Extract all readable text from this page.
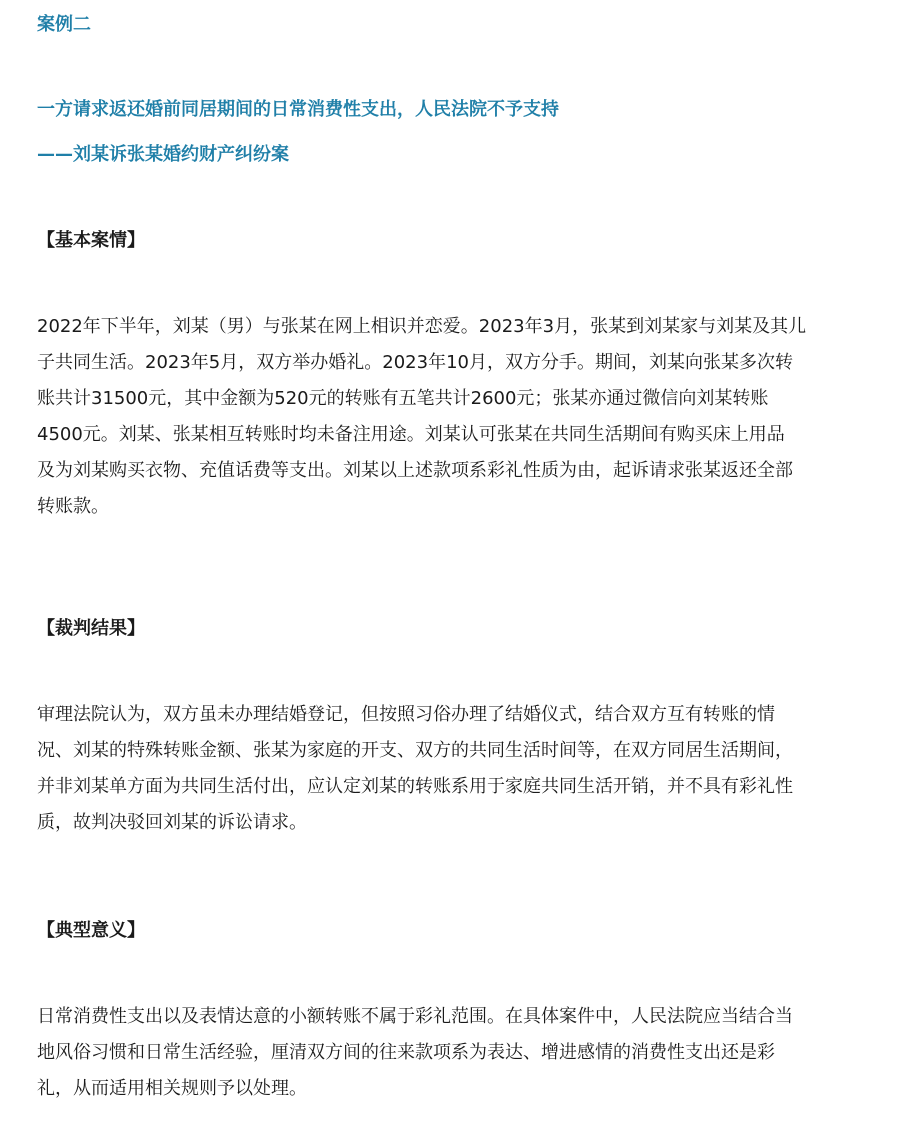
案例二
一方请求返还婚前同居期间的日常消费性支出，人民法院不予支持
——刘某诉张某婚约财产纠纷案
【基本案情】
2022年下半年，刘某（男）与张某在网上相识并恋爱。2023年3月，张某到刘某家与刘某及其儿
子共同生活。2023年5月，双方举办婚礼。2023年10月，双方分手。期间，刘某向张某多次转
账共计31500元，其中金额为520元的转账有五笔共计2600元；张某亦通过微信向刘某转账
4500元。刘某、张某相互转账时均未备注用途。刘某认可张某在共同生活期间有购买床上用品
及为刘某购买衣物、充值话费等支出。刘某以上述款项系彩礼性质为由，起诉请求张某返还全部
转账款。
【裁判结果】
审理法院认为，双方虽未办理结婚登记，但按照习俗办理了结婚仪式，结合双方互有转账的情
况、刘某的特殊转账金额、张某为家庭的开支、双方的共同生活时间等，在双方同居生活期间，
并非刘某单方面为共同生活付出，应认定刘某的转账系用于家庭共同生活开销，并不具有彩礼性
质，故判决驳回刘某的诉讼请求。
【典型意义】
日常消费性支出以及表情达意的小额转账不属于彩礼范围。在具体案件中，人民法院应当结合当
地风俗习惯和日常生活经验，厘清双方间的往来款项系为表达、增进感情的消费性支出还是彩
礼，从而适用相关规则予以处理。
